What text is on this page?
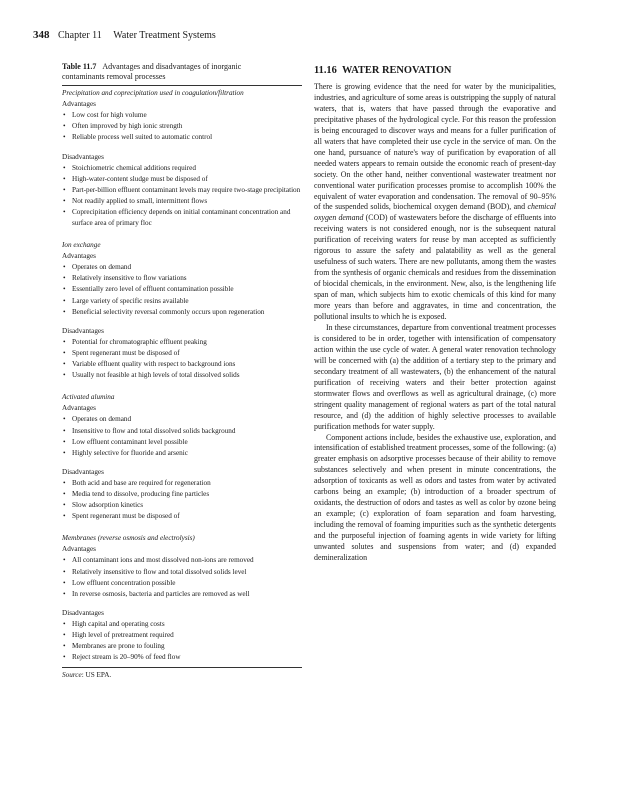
348 Chapter 11 Water Treatment Systems
Table 11.7 Advantages and disadvantages of inorganic
contaminants removal processes
Precipitation and coprecipitation used in coagulation/filtration
Advantages
• Low cost for high volume
• Often improved by high ionic strength
• Reliable process well suited to automatic control
Disadvantages
• Stoichiometric chemical additions required
• High-water-content sludge must be disposed of
• Part-per-billion effluent contaminant levels may require two-stage precipitation
• Not readily applied to small, intermittent flows
• Coprecipitation efficiency depends on initial contaminant concentration and surface area of primary floc
Ion exchange
Advantages
• Operates on demand
• Relatively insensitive to flow variations
• Essentially zero level of effluent contamination possible
• Large variety of specific resins available
• Beneficial selectivity reversal commonly occurs upon regeneration
Disadvantages
• Potential for chromatographic effluent peaking
• Spent regenerant must be disposed of
• Variable effluent quality with respect to background ions
• Usually not feasible at high levels of total dissolved solids
Activated alumina
Advantages
• Operates on demand
• Insensitive to flow and total dissolved solids background
• Low effluent contaminant level possible
• Highly selective for fluoride and arsenic
Disadvantages
• Both acid and base are required for regeneration
• Media tend to dissolve, producing fine particles
• Slow adsorption kinetics
• Spent regenerant must be disposed of
Membranes (reverse osmosis and electrolysis)
Advantages
• All contaminant ions and most dissolved non-ions are removed
• Relatively insensitive to flow and total dissolved solids level
• Low effluent concentration possible
• In reverse osmosis, bacteria and particles are removed as well
Disadvantages
• High capital and operating costs
• High level of pretreatment required
• Membranes are prone to fouling
• Reject stream is 20–90% of feed flow
Source: US EPA.
11.16 WATER RENOVATION

There is growing evidence that the need for water by the municipalities, industries, and agriculture of some areas is outstripping the supply of natural waters, that is, waters that have passed through the evaporative and precipitative phases of the hydrological cycle. For this reason the profession is being encouraged to discover ways and means for a fuller purification of all waters that have completed their use cycle in the service of man. On the one hand, pursuance of nature's way of purification by evaporation of all needed waters appears to remain outside the economic reach of present-day society. On the other hand, neither conventional wastewater treatment nor conventional water purification processes promise to accomplish 100% the equivalent of water evaporation and condensation. The removal of 90–95% of the suspended solids, biochemical oxygen demand (BOD), and chemical oxygen demand (COD) of wastewaters before the discharge of effluents into receiving waters is not considered enough, nor is the subsequent natural purification of receiving waters for reuse by man accepted as sufficiently rigorous to assure the safety and palatability as well as the general usefulness of such waters. There are new pollutants, among them the wastes from the synthesis of organic chemicals and residues from the dissemination of biocidal chemicals, in the environment. New, also, is the lengthening life span of man, which subjects him to exotic chemicals of this kind for many more years than before and aggravates, in time and concentration, the pollutional insults to which he is exposed.

In these circumstances, departure from conventional treatment processes is considered to be in order, together with intensification of compensatory action within the use cycle of water. A general water renovation technology will be concerned with (a) the addition of a tertiary step to the primary and secondary treatment of all wastewaters, (b) the enhancement of the natural purification of receiving waters and their better protection against stormwater flows and overflows as well as agricultural drainage, (c) more stringent quality management of regional waters as part of the total natural resource, and (d) the addition of highly selective processes to available purification methods for water supply.

Component actions include, besides the exhaustive use, exploration, and intensification of established treatment processes, some of the following: (a) greater emphasis on adsorptive processes because of their ability to remove substances selectively and when present in minute concentrations, the adsorption of toxicants as well as odors and tastes from water by activated carbons being an example; (b) introduction of a broader spectrum of oxidants, the destruction of odors and tastes as well as color by ozone being an example; (c) exploration of foam separation and foam harvesting, including the removal of foaming impurities such as the synthetic detergents and the purposeful injection of foaming agents in wide variety for lifting unwanted solutes and suspensions from water; and (d) expanded demineralization
